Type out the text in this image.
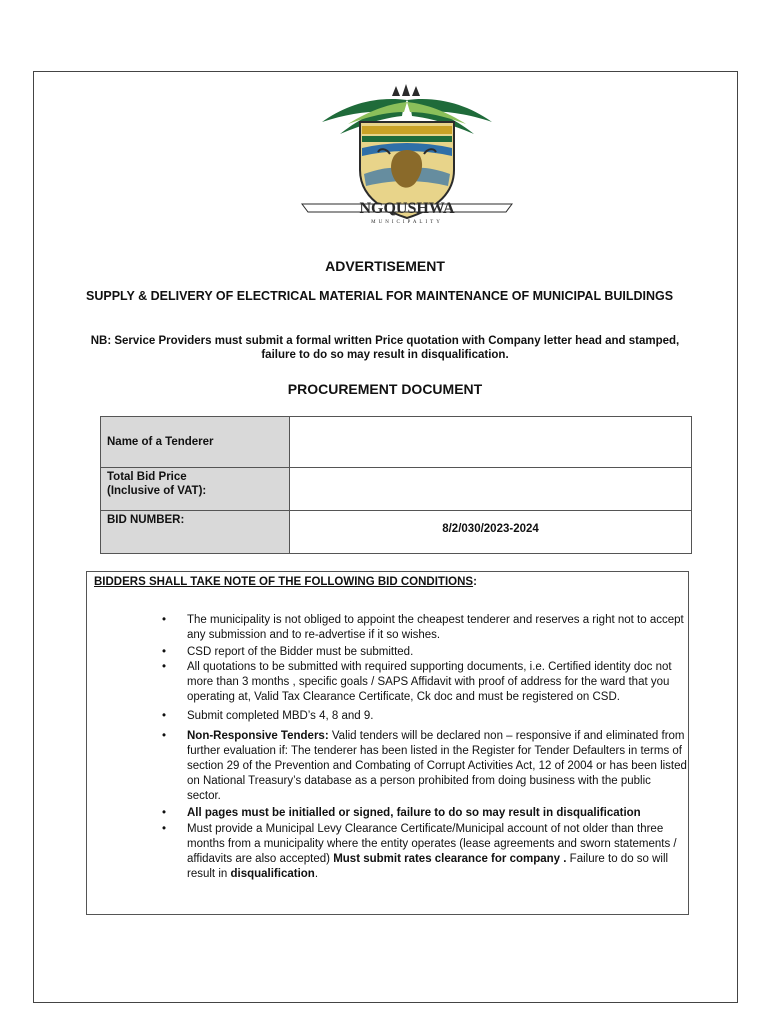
NGQUSHWA
MUNICIPALITY
ADVERTISEMENT
SUPPLY & DELIVERY OF ELECTRICAL MATERIAL FOR MAINTENANCE OF MUNICIPAL BUILDINGS
NB: Service Providers must submit a formal written Price quotation with Company letter head and stamped, failure to do so may result in disqualification.
PROCUREMENT DOCUMENT
Name of a Tenderer	
Total Bid Price
(Inclusive of VAT):	
BID NUMBER:	8/2/030/2023-2024
BIDDERS SHALL TAKE NOTE OF THE FOLLOWING BID CONDITIONS:
• The municipality is not obliged to appoint the cheapest tenderer and reserves a right not to accept any submission and to re-advertise if it so wishes.
• CSD report of the Bidder must be submitted.
• All quotations to be submitted with required supporting documents, i.e. Certified identity doc not more than 3 months , specific goals / SAPS Affidavit with proof of address for the ward that you operating at, Valid Tax Clearance Certificate, Ck doc and must be registered on CSD.
• Submit completed MBD’s 4, 8 and 9.
• Non-Responsive Tenders: Valid tenders will be declared non – responsive if and eliminated from further evaluation if: The tenderer has been listed in the Register for Tender Defaulters in terms of section 29 of the Prevention and Combating of Corrupt Activities Act, 12 of 2004 or has been listed on National Treasury’s database as a person prohibited from doing business with the public sector.
• All pages must be initialled or signed, failure to do so may result in disqualification
• Must provide a Municipal Levy Clearance Certificate/Municipal account of not older than three months from a municipality where the entity operates (lease agreements and sworn statements / affidavits are also accepted) Must submit rates clearance for company . Failure to do so will result in disqualification.
